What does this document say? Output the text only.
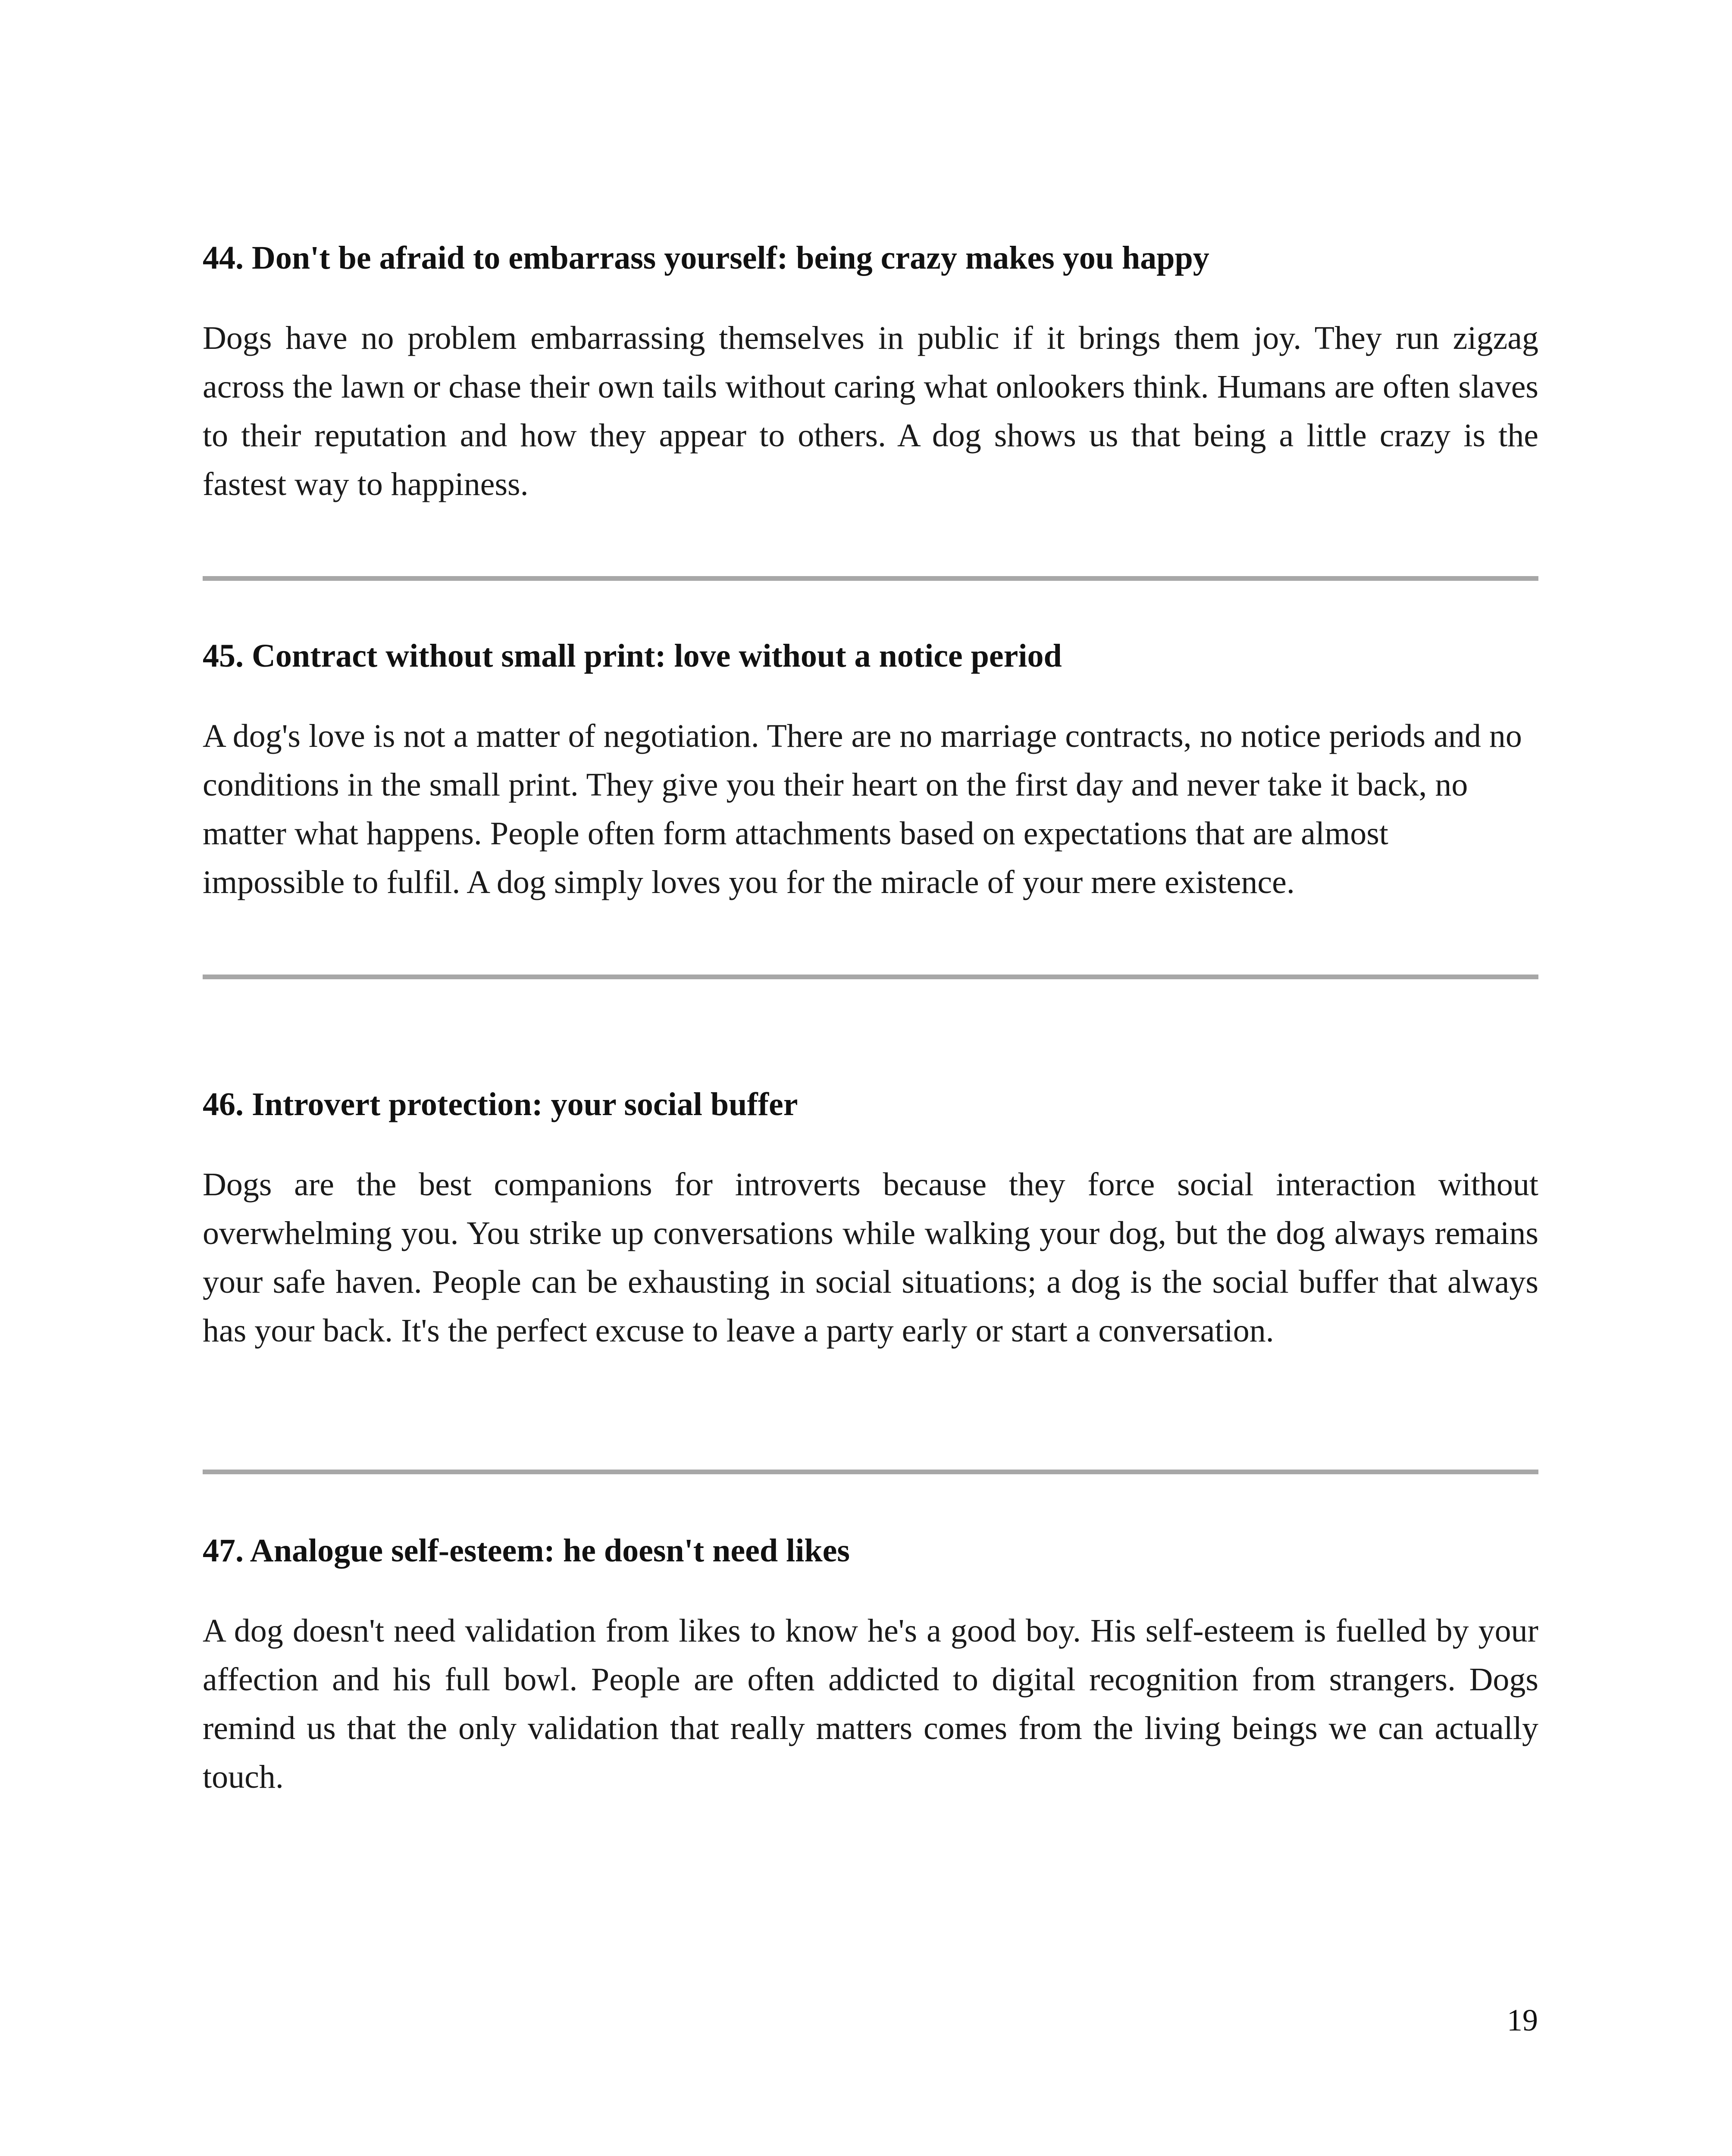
44. Don't be afraid to embarrass yourself: being crazy makes you happy

Dogs have no problem embarrassing themselves in public if it brings them joy. They run zigzag across the lawn or chase their own tails without caring what onlookers think. Humans are often slaves to their reputation and how they appear to others. A dog shows us that being a little crazy is the fastest way to happiness.

45. Contract without small print: love without a notice period

A dog's love is not a matter of negotiation. There are no marriage contracts, no notice periods and no conditions in the small print. They give you their heart on the first day and never take it back, no matter what happens. People often form attachments based on expectations that are almost impossible to fulfil. A dog simply loves you for the miracle of your mere existence.

46. Introvert protection: your social buffer

Dogs are the best companions for introverts because they force social interaction without overwhelming you. You strike up conversations while walking your dog, but the dog always remains your safe haven. People can be exhausting in social situations; a dog is the social buffer that always has your back. It's the perfect excuse to leave a party early or start a conversation.

47. Analogue self-esteem: he doesn't need likes

A dog doesn't need validation from likes to know he's a good boy. His self-esteem is fuelled by your affection and his full bowl. People are often addicted to digital recognition from strangers. Dogs remind us that the only validation that really matters comes from the living beings we can actually touch.

19
